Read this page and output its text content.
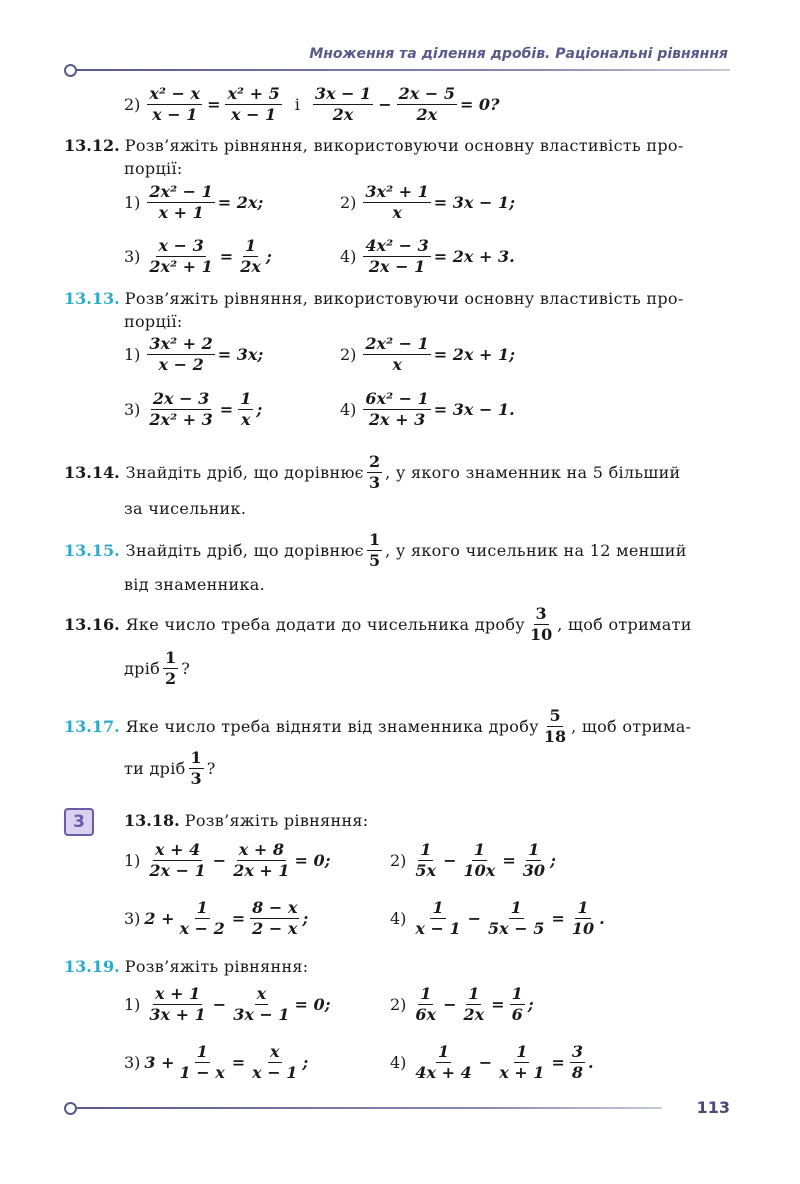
Множення та ділення дробів. Раціональні рівняння
$2) \frac{\text{x² − x}}{x - 1} = \frac{\text{x² + 5}}{x - 1}$ і $\frac{3x - 1}{2x} - \frac{2x - 5}{2x} = 0$?
13.12. Розв’яжіть рівняння, використовуючи основну властивість про-
порції:
$1) \frac{\text{2x² − 1}}{x + 1} = 2x$;	$2) \frac{\text{3x² + 1}}{x} = 3x - 1$;
$3) \frac{x - 3}{\text{2x² + 1}} = \frac{1}{2x}$ ;	$4) \frac{\text{4x² − 3}}{2x - 1} = 2x + 3$.
13.13. Розв’яжіть рівняння, використовуючи основну властивість про-
порції:
$1) \frac{\text{3x² + 2}}{x - 2} = 3x$;	$2) \frac{\text{2x² − 1}}{x} = 2x + 1$;
$3) \frac{2x - 3}{\text{2x² + 3}} = \frac{1}{x}$ ;	$4) \frac{\text{6x² − 1}}{2x + 3} = 3x - 1$.
13.14. Знайдіть дріб, що дорівнює $\frac{2}{3}$ , у якого знаменник на 5 більший
за чисельник.
13.15. Знайдіть дріб, що дорівнює $\frac{1}{5}$ , у якого чисельник на 12 менший
від знаменника.
13.16. Яке число треба додати до чисельника дробу $\frac{3}{10}$ , щоб отримати
дріб $\frac{1}{2}$ ?
13.17. Яке число треба відняти від знаменника дробу $\frac{5}{18}$ , щоб отрима-
ти дріб $\frac{1}{3}$ ?
3	13.18. Розв’яжіть рівняння:
$1) \frac{x + 4}{2x - 1} - \frac{x + 8}{2x + 1} = 0$;	$2) \frac{1}{5x} - \frac{1}{10x} = \frac{1}{30}$ ;
3) $2 + \frac{1}{x - 2} = \frac{8 - x}{2 - x}$ ;	$4) \frac{1}{x - 1} - \frac{1}{5x - 5} = \frac{1}{10}$ .
13.19. Розв’яжіть рівняння:
$1) \frac{x + 1}{3x + 1} - \frac{x}{3x - 1} = 0$;	$2) \frac{1}{6x} - \frac{1}{2x} = \frac{1}{6}$ ;
3) $3 + \frac{1}{1 - x} = \frac{x}{x - 1}$ ;	$4) \frac{1}{4x + 4} - \frac{1}{x + 1} = \frac{3}{8}$ .
113
